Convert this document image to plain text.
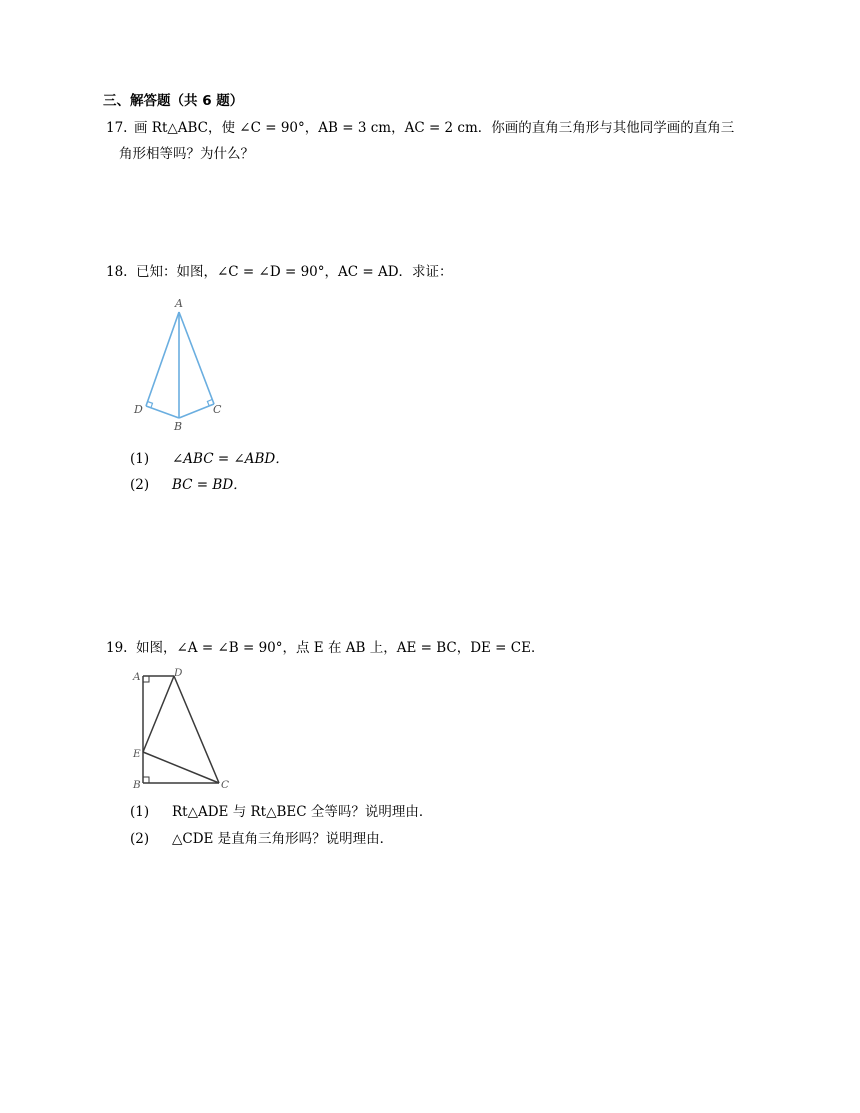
三、解答题（共 6 题）
17. 画 Rt△ABC，使 ∠C = 90°，AB = 3 cm，AC = 2 cm．你画的直角三角形与其他同学画的直角三
角形相等吗？为什么？
18. 已知：如图，∠C = ∠D = 90°，AC = AD．求证：
A
D	C
B
(1) ∠ABC = ∠ABD．
(2) BC = BD．
19. 如图，∠A = ∠B = 90°，点 E 在 AB 上，AE = BC，DE = CE．
A	D
E
B	C
(1) Rt△ADE 与 Rt△BEC 全等吗？说明理由．
(2) △CDE 是直角三角形吗？说明理由．
